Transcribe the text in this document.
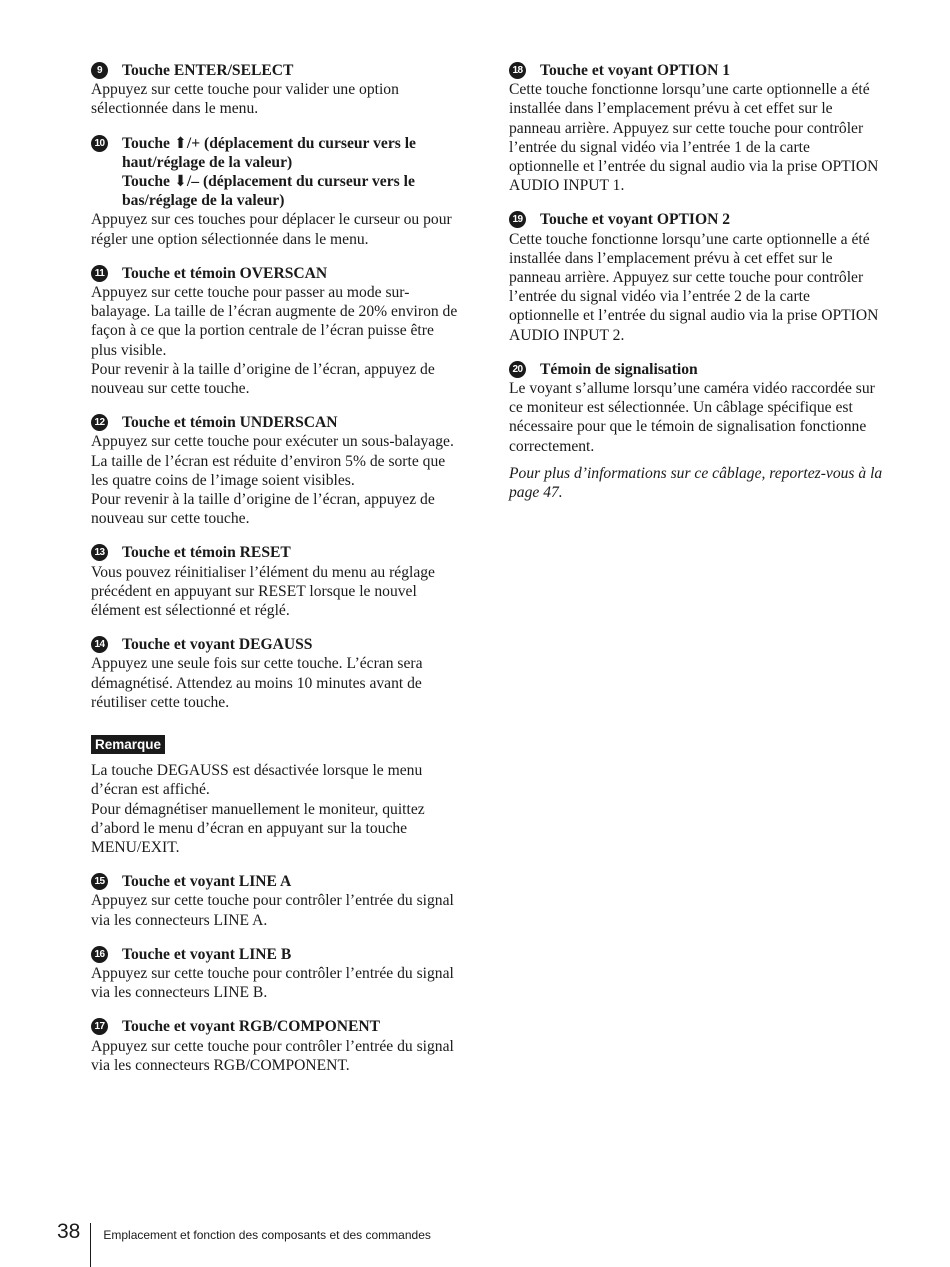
9	Touche ENTER/SELECT
Appuyez sur cette touche pour valider une option sélectionnée dans le menu.
10 Touche ⬆/+ (déplacement du curseur vers le haut/réglage de la valeur)
Touche ⬇/– (déplacement du curseur vers le bas/réglage de la valeur)
Appuyez sur ces touches pour déplacer le curseur ou pour régler une option sélectionnée dans le menu.
11 Touche et témoin OVERSCAN
Appuyez sur cette touche pour passer au mode sur-balayage. La taille de l’écran augmente de 20% environ de façon à ce que la portion centrale de l’écran puisse être plus visible.
Pour revenir à la taille d’origine de l’écran, appuyez de nouveau sur cette touche.
12 Touche et témoin UNDERSCAN
Appuyez sur cette touche pour exécuter un sous-balayage.
La taille de l’écran est réduite d’environ 5% de sorte que les quatre coins de l’image soient visibles.
Pour revenir à la taille d’origine de l’écran, appuyez de nouveau sur cette touche.
13 Touche et témoin RESET
Vous pouvez réinitialiser l’élément du menu au réglage précédent en appuyant sur RESET lorsque le nouvel élément est sélectionné et réglé.
14 Touche et voyant DEGAUSS
Appuyez une seule fois sur cette touche. L’écran sera démagnétisé. Attendez au moins 10 minutes avant de réutiliser cette touche.
Remarque
La touche DEGAUSS est désactivée lorsque le menu d’écran est affiché.
Pour démagnétiser manuellement le moniteur, quittez d’abord le menu d’écran en appuyant sur la touche MENU/EXIT.
15 Touche et voyant LINE A
Appuyez sur cette touche pour contrôler l’entrée du signal via les connecteurs LINE A.
16 Touche et voyant LINE B
Appuyez sur cette touche pour contrôler l’entrée du signal via les connecteurs LINE B.
17 Touche et voyant RGB/COMPONENT
Appuyez sur cette touche pour contrôler l’entrée du signal via les connecteurs RGB/COMPONENT.
18 Touche et voyant OPTION 1
Cette touche fonctionne lorsqu’une carte optionnelle a été installée dans l’emplacement prévu à cet effet sur le panneau arrière. Appuyez sur cette touche pour contrôler l’entrée du signal vidéo via l’entrée 1 de la carte optionnelle et l’entrée du signal audio via la prise OPTION AUDIO INPUT 1.
19 Touche et voyant OPTION 2
Cette touche fonctionne lorsqu’une carte optionnelle a été installée dans l’emplacement prévu à cet effet sur le panneau arrière. Appuyez sur cette touche pour contrôler l’entrée du signal vidéo via l’entrée 2 de la carte optionnelle et l’entrée du signal audio via la prise OPTION AUDIO INPUT 2.
20 Témoin de signalisation
Le voyant s’allume lorsqu’une caméra vidéo raccordée sur ce moniteur est sélectionnée. Un câblage spécifique est nécessaire pour que le témoin de signalisation fonctionne correctement.
Pour plus d’informations sur ce câblage, reportez-vous à la page 47.
38 Emplacement et fonction des composants et des commandes
